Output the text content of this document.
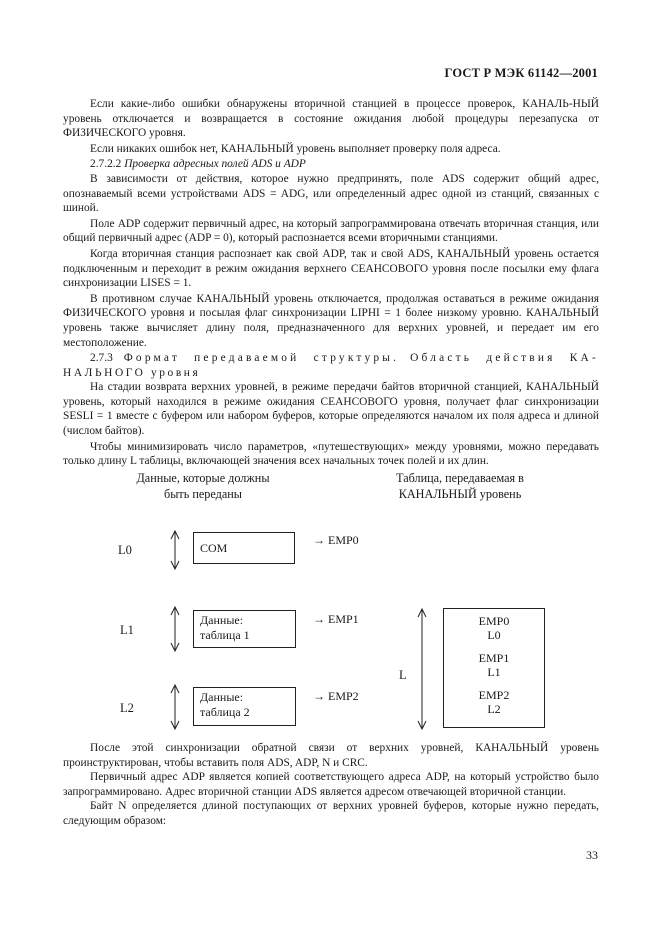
ГОСТ Р МЭК 61142—2001

Если какие-либо ошибки обнаружены вторичной станцией в процессе проверок, КАНАЛЬ-НЫЙ уровень отключается и возвращается в состояние ожидания любой процедуры перезапуска от ФИЗИЧЕСКОГО уровня.

Если никаких ошибок нет, КАНАЛЬНЫЙ уровень выполняет проверку поля адреса.

2.7.2.2 Проверка адресных полей ADS и ADP

В зависимости от действия, которое нужно предпринять, поле ADS содержит общий адрес, опознаваемый всеми устройствами ADS = ADG, или определенный адрес одной из станций, связанных с шиной.

Поле ADP содержит первичный адрес, на который запрограммирована отвечать вторичная станция, или общий первичный адрес (ADP = 0), который распознается всеми вторичными станциями.

Когда вторичная станция распознает как свой ADP, так и свой ADS, КАНАЛЬНЫЙ уровень остается подключенным и переходит в режим ожидания верхнего СЕАНСОВОГО уровня после посылки ему флага синхронизации LISES = 1.

В противном случае КАНАЛЬНЫЙ уровень отключается, продолжая оставаться в режиме ожидания ФИЗИЧЕСКОГО уровня и посылая флаг синхронизации LIPHI = 1 более низкому уровню. КАНАЛЬНЫЙ уровень также вычисляет длину поля, предназначенного для верхних уровней, и передает им его местоположение.

2.7.3 Формат передаваемой структуры. Область действия КА- НАЛЬНОГО уровня

На стадии возврата верхних уровней, в режиме передачи байтов вторичной станцией, КАНАЛЬНЫЙ уровень, который находился в режиме ожидания СЕАНСОВОГО уровня, получает флаг синхронизации SESLI = 1 вместе с буфером или набором буферов, которые определяются началом их поля адреса и длиной (числом байтов).

Чтобы минимизировать число параметров, «путешествующих» между уровнями, можно передавать только длину L таблицы, включающей значения всех начальных точек полей и их длин.

Данные, которые должны
быть переданы
Таблица, передаваемая в
КАНАЛЬНЫЙ уровень
L0
L1
L2
COM
Данные:
таблица 1
Данные:
таблица 2
→ EMP0
→ EMP1
→ EMP2
L
EMP0
L0
EMP1
L1
EMP2
L2

После этой синхронизации обратной связи от верхних уровней, КАНАЛЬНЫЙ уровень проинструктирован, чтобы вставить поля ADS, ADP, N и CRC.

Первичный адрес ADP является копией соответствующего адреса ADP, на который устройство было запрограммировано. Адрес вторичной станции ADS является адресом отвечающей вторичной станции.

Байт N определяется длиной поступающих от верхних уровней буферов, которые нужно передать, следующим образом:

33
